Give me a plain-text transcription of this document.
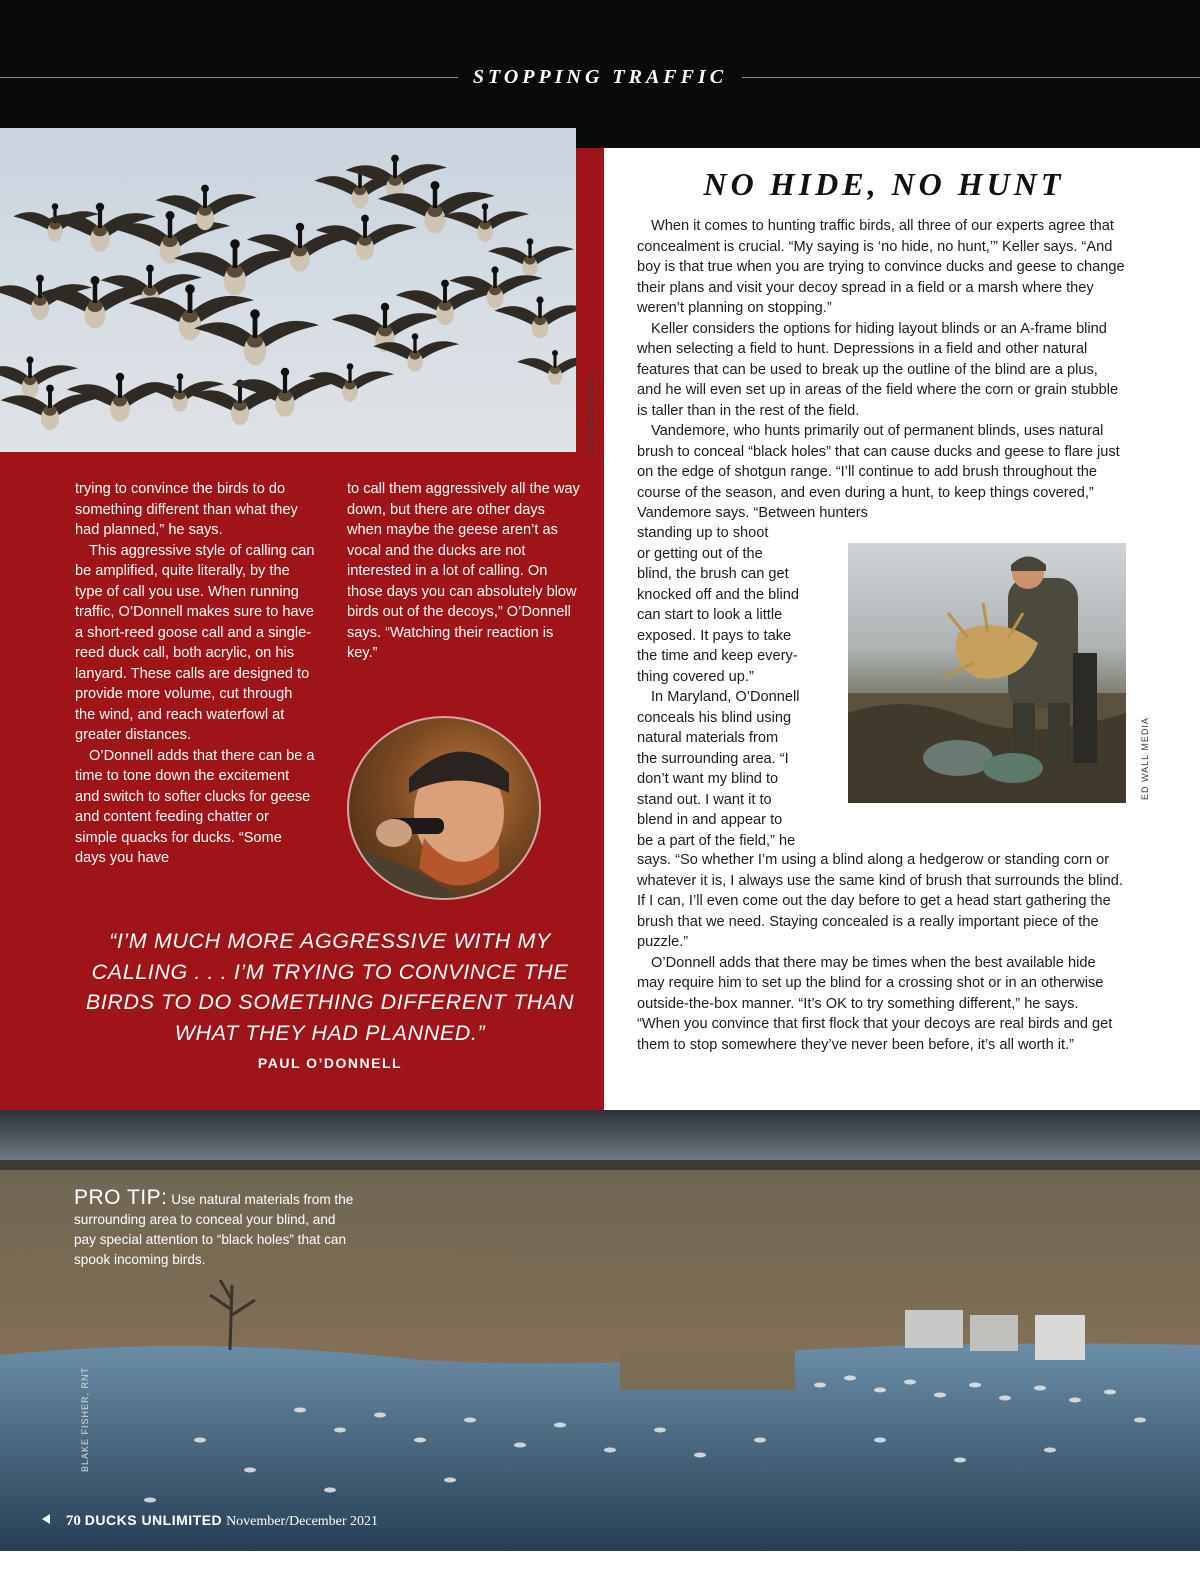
STOPPING TRAFFIC
JIM THOMPSON

trying to convince the birds to do something different than what they had planned,” he says.

This aggressive style of calling can be amplified, quite literally, by the type of call you use. When running traffic, O’Donnell makes sure to have a short-reed goose call and a single-reed duck call, both acrylic, on his lanyard. These calls are designed to provide more volume, cut through the wind, and reach waterfowl at greater distances.

O’Donnell adds that there can be a time to tone down the excitement and switch to softer clucks for geese and content feeding chatter or simple quacks for ducks. “Some days you have

to call them aggressively all the way down, but there are other days when maybe the geese aren’t as vocal and the ducks are not interested in a lot of calling. On those days you can absolutely blow birds out of the decoys,” O’Donnell says. “Watching their reaction is key.”

“I’M MUCH MORE AGGRESSIVE WITH MY CALLING . . . I’M TRYING TO CONVINCE THE BIRDS TO DO SOMETHING DIFFERENT THAN WHAT THEY HAD PLANNED.”
PAUL O’DONNELL
NO HIDE, NO HUNT

When it comes to hunting traffic birds, all three of our experts agree that concealment is crucial. “My saying is ‘no hide, no hunt,’” Keller says. “And boy is that true when you are trying to convince ducks and geese to change their plans and visit your decoy spread in a field or a marsh where they weren’t planning on stopping.”

Keller considers the options for hiding layout blinds or an A-frame blind when selecting a field to hunt. Depressions in a field and other natural features that can be used to break up the outline of the blind are a plus, and he will even set up in areas of the field where the corn or grain stubble is taller than in the rest of the field.

Vandemore, who hunts primarily out of permanent blinds, uses natural brush to conceal “black holes” that can cause ducks and geese to flare just on the edge of shotgun range. “I’ll continue to add brush throughout the course of the season, and even during a hunt, to keep things covered,” Vandemore says. “Between hunters

standing up to shoot
or getting out of the
blind, the brush can get
knocked off and the blind
can start to look a little
exposed. It pays to take
the time and keep every-
thing covered up.”
In Maryland, O’Donnell
conceals his blind using
natural materials from
the surrounding area. “I
don’t want my blind to
stand out. I want it to
blend in and appear to
be a part of the field,” he
ED WALL MEDIA

says. “So whether I’m using a blind along a hedgerow or standing corn or whatever it is, I always use the same kind of brush that surrounds the blind. If I can, I’ll even come out the day before to get a head start gathering the brush that we need. Staying concealed is a really important piece of the puzzle.”

O’Donnell adds that there may be times when the best available hide may require him to set up the blind for a crossing shot or in an otherwise outside-the-box manner. “It’s OK to try something different,” he says. “When you convince that first flock that your decoys are real birds and get them to stop somewhere they’ve never been before, it’s all worth it.”

PRO TIP: Use natural materials from the surrounding area to conceal your blind, and pay special attention to “black holes” that can spook incoming birds.
BLAKE FISHER, RNT
70 DUCKS UNLIMITED November/December 2021
